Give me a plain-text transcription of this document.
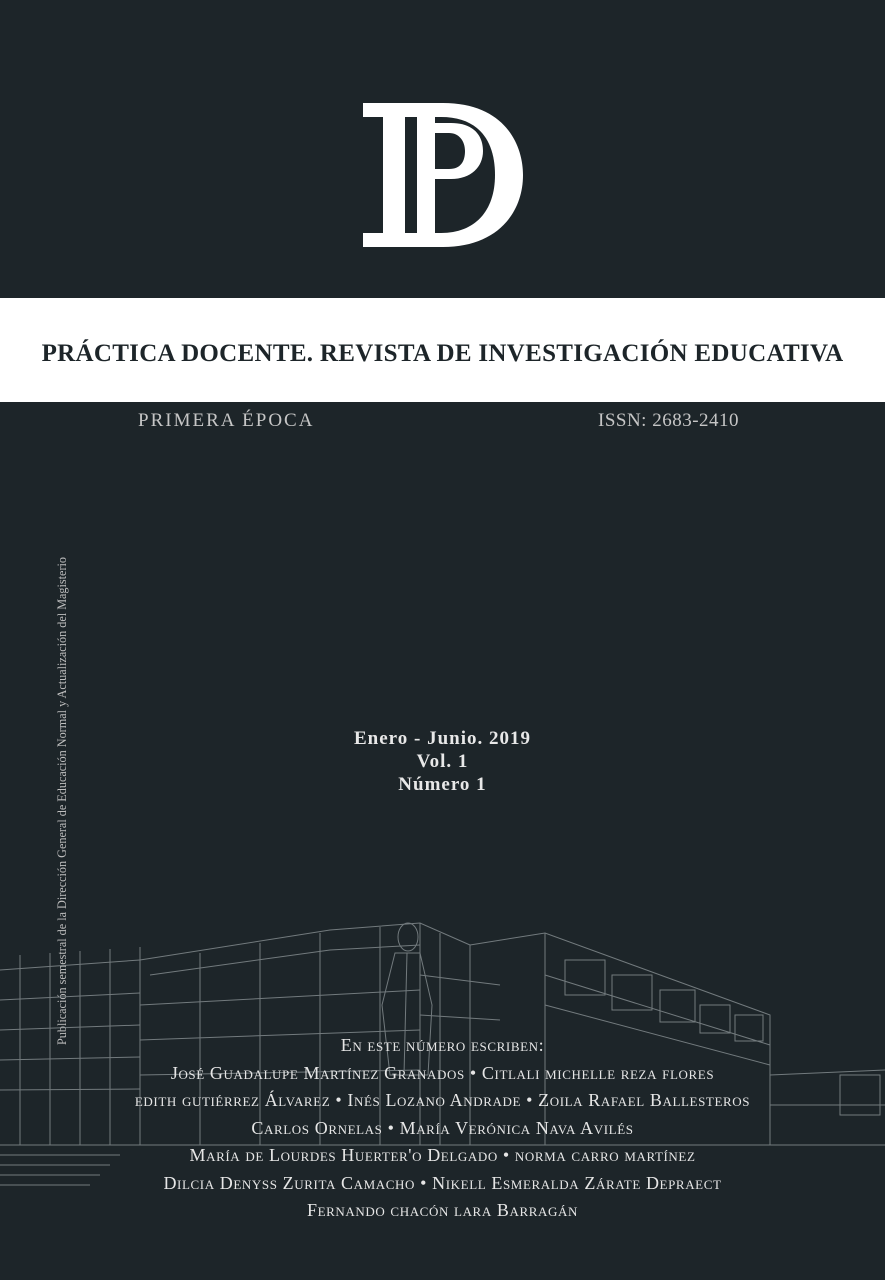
PRÁCTICA DOCENTE. REVISTA DE INVESTIGACIÓN EDUCATIVA
PRIMERA ÉPOCA	ISSN: 2683-2410
Publicación semestral de la Dirección General de Educación Normal y Actualización del Magisterio	Enero - Junio. 2019
Vol. 1
Número 1
En este número escriben:
José Guadalupe Martínez Granados • Citlali michelle reza flores
edith gutiérrez Álvarez • Inés Lozano Andrade • Zoila Rafael Ballesteros
Carlos Ornelas • María Verónica Nava Avilés
María de Lourdes Huerter'o Delgado • norma carro martínez
Dilcia Denyss Zurita Camacho • Nikell Esmeralda Zárate Depraect
Fernando chacón lara Barragán
